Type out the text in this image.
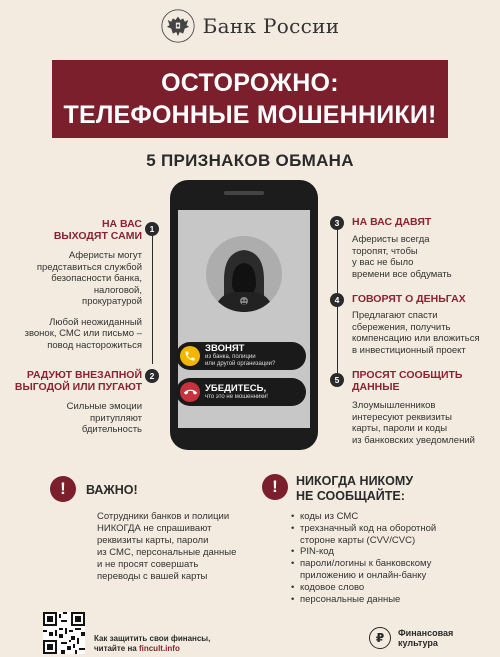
Банк России
ОСТОРОЖНО:
ТЕЛЕФОННЫЕ МОШЕННИКИ!
5 ПРИЗНАКОВ ОБМАНА
НА ВАС
ВЫХОДЯТ САМИ
Аферисты могут
представиться службой
безопасности банка,
налоговой,
прокуратурой
Любой неожиданный
звонок, СМС или письмо –
повод насторожиться
РАДУЮТ ВНЕЗАПНОЙ
ВЫГОДОЙ ИЛИ ПУГАЮТ
Сильные эмоции
притупляют
бдительность
1
2
3
4
5
НА ВАС ДАВЯТ
Аферисты всегда
торопят, чтобы
у вас не было
времени все обдумать
ГОВОРЯТ О ДЕНЬГАХ
Предлагают спасти
сбережения, получить
компенсацию или вложиться
в инвестиционный проект
ПРОСЯТ СООБЩИТЬ
ДАННЫЕ
Злоумышленников
интересуют реквизиты
карты, пароли и коды
из банковских уведомлений
ЗВОНЯТ
из банка, полиции
или другой организации?
УБЕДИТЕСЬ,
что это не мошенники!
!	ВАЖНО!
Сотрудники банков и полиции
НИКОГДА не спрашивают
реквизиты карты, пароли
из СМС, персональные данные
и не просят совершать
переводы с вашей карты
!	НИКОГДА НИКОМУ
НЕ СООБЩАЙТЕ:
• коды из СМС
• трехзначный код на оборотной стороне карты (CVV/CVC)
• PIN-код
• пароли/логины к банковскому приложению и онлайн-банку
• кодовое слово
• персональные данные
Как защитить свои финансы,
читайте на fincult.info
₽	Финансовая
культура
